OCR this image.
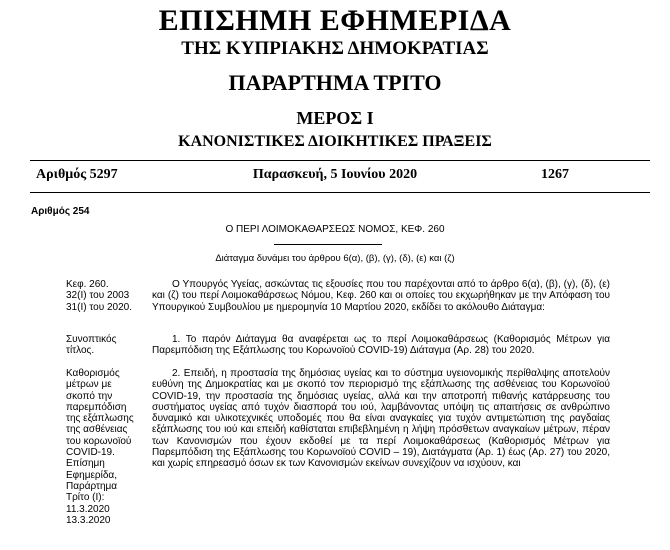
ΕΠΙΣΗΜΗ ΕΦΗΜΕΡΙΔΑ
ΤΗΣ ΚΥΠΡΙΑΚΗΣ ΔΗΜΟΚΡΑΤΙΑΣ
ΠΑΡΑΡΤΗΜΑ ΤΡΙΤΟ
ΜΕΡΟΣ Ι
ΚΑΝΟΝΙΣΤΙΚΕΣ ΔΙΟΙΚΗΤΙΚΕΣ ΠΡΑΞΕΙΣ
Παρασκευή, 5 Ιουνίου 2020
Αριθμός 5297	1267
Αριθμός 254
Ο ΠΕΡΙ ΛΟΙΜΟΚΑΘΑΡΣΕΩΣ ΝΟΜΟΣ, ΚΕΦ. 260
Διάταγμα δυνάμει του άρθρου 6(α), (β), (γ), (δ), (ε) και (ζ)
Κεφ. 260.
32(Ι) του 2003
31(Ι) του 2020.
Συνοπτικός
τίτλος.
Καθορισμός
μέτρων με
σκοπό την
παρεμπόδιση
της εξάπλωσης
της ασθένειας
του κορωνοϊού
COVID-19.
Επίσημη
Εφημερίδα,
Παράρτημα
Τρίτο (Ι):
11.3.2020
13.3.2020
Ο Υπουργός Υγείας, ασκώντας τις εξουσίες που του παρέχονται από το άρθρο 6(α), (β), (γ), (δ), (ε) και (ζ) του περί Λοιμοκαθάρσεως Νόμου, Κεφ. 260 και οι οποίες του εκχωρήθηκαν με την Απόφαση του Υπουργικού Συμβουλίου με ημερομηνία 10 Μαρτίου 2020, εκδίδει το ακόλουθο Διάταγμα:
1. Το παρόν Διάταγμα θα αναφέρεται ως το περί Λοιμοκαθάρσεως (Καθορισμός Μέτρων για Παρεμπόδιση της Εξάπλωσης του Κορωνοϊού COVID-19) Διάταγμα (Αρ. 28) του 2020.
2. Επειδή, η προστασία της δημόσιας υγείας και το σύστημα υγειονομικής περίθαλψης αποτελούν ευθύνη της Δημοκρατίας και με σκοπό τον περιορισμό της εξάπλωσης της ασθένειας του Κορωνοϊού COVID-19, την προστασία της δημόσιας υγείας, αλλά και την αποτροπή πιθανής κατάρρευσης του συστήματος υγείας από τυχόν διασπορά του ιού, λαμβάνοντας υπόψη τις απαιτήσεις σε ανθρώπινο δυναμικό και υλικοτεχνικές υποδομές που θα είναι αναγκαίες για τυχόν αντιμετώπιση της ραγδαίας εξάπλωσης του ιού και επειδή καθίσταται επιβεβλημένη η λήψη πρόσθετων αναγκαίων μέτρων, πέραν των Κανονισμών που έχουν εκδοθεί με τα περί Λοιμοκαθάρσεως (Καθορισμός Μέτρων για Παρεμπόδιση της Εξάπλωσης του Κορωνοϊού COVID – 19), Διατάγματα (Αρ. 1) έως (Αρ. 27) του 2020, και χωρίς επηρεασμό όσων εκ των Κανονισμών εκείνων συνεχίζουν να ισχύουν, και
